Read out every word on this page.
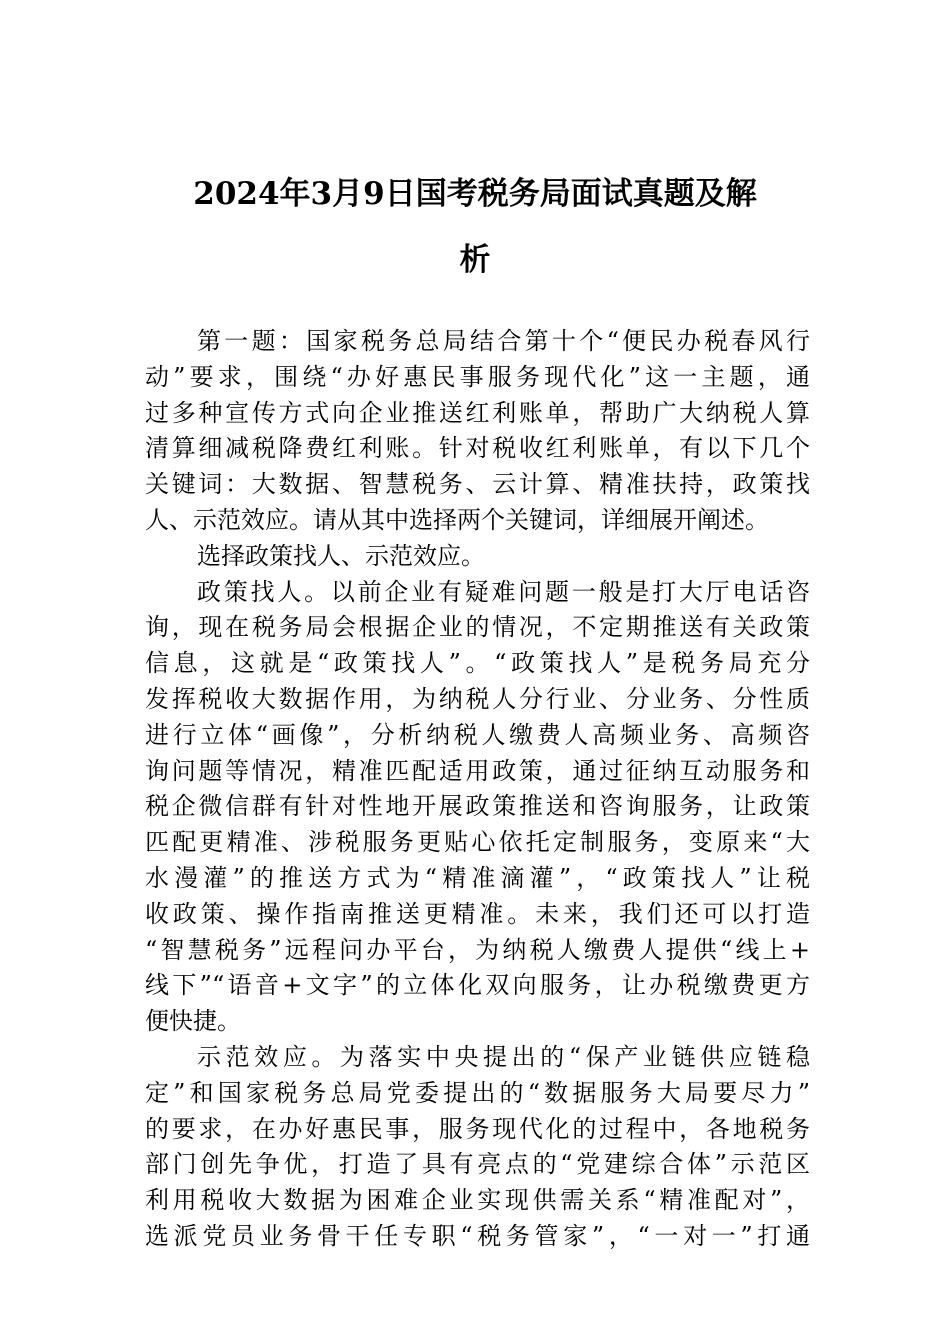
2024年3月9日国考税务局面试真题及解
析
第一题：国家税务总局结合第十个“便民办税春风行
动”要求，围绕“办好惠民事服务现代化”这一主题，通
过多种宣传方式向企业推送红利账单，帮助广大纳税人算
清算细减税降费红利账。针对税收红利账单，有以下几个
关键词：大数据、智慧税务、云计算、精准扶持，政策找
人、示范效应。请从其中选择两个关键词，详细展开阐述。
选择政策找人、示范效应。
政策找人。以前企业有疑难问题一般是打大厅电话咨
询，现在税务局会根据企业的情况，不定期推送有关政策
信息，这就是“政策找人”。“政策找人”是税务局充分
发挥税收大数据作用，为纳税人分行业、分业务、分性质
进行立体“画像”，分析纳税人缴费人高频业务、高频咨
询问题等情况，精准匹配适用政策，通过征纳互动服务和
税企微信群有针对性地开展政策推送和咨询服务，让政策
匹配更精准、涉税服务更贴心依托定制服务，变原来“大
水漫灌”的推送方式为“精准滴灌”，“政策找人”让税
收政策、操作指南推送更精准。未来，我们还可以打造
“智慧税务”远程问办平台，为纳税人缴费人提供“线上+
线下”“语音+文字”的立体化双向服务，让办税缴费更方
便快捷。
示范效应。为落实中央提出的“保产业链供应链稳
定”和国家税务总局党委提出的“数据服务大局要尽力”
的要求，在办好惠民事，服务现代化的过程中，各地税务
部门创先争优，打造了具有亮点的“党建综合体”示范区
利用税收大数据为困难企业实现供需关系“精准配对”，
选派党员业务骨干任专职“税务管家”，“一对一”打通
